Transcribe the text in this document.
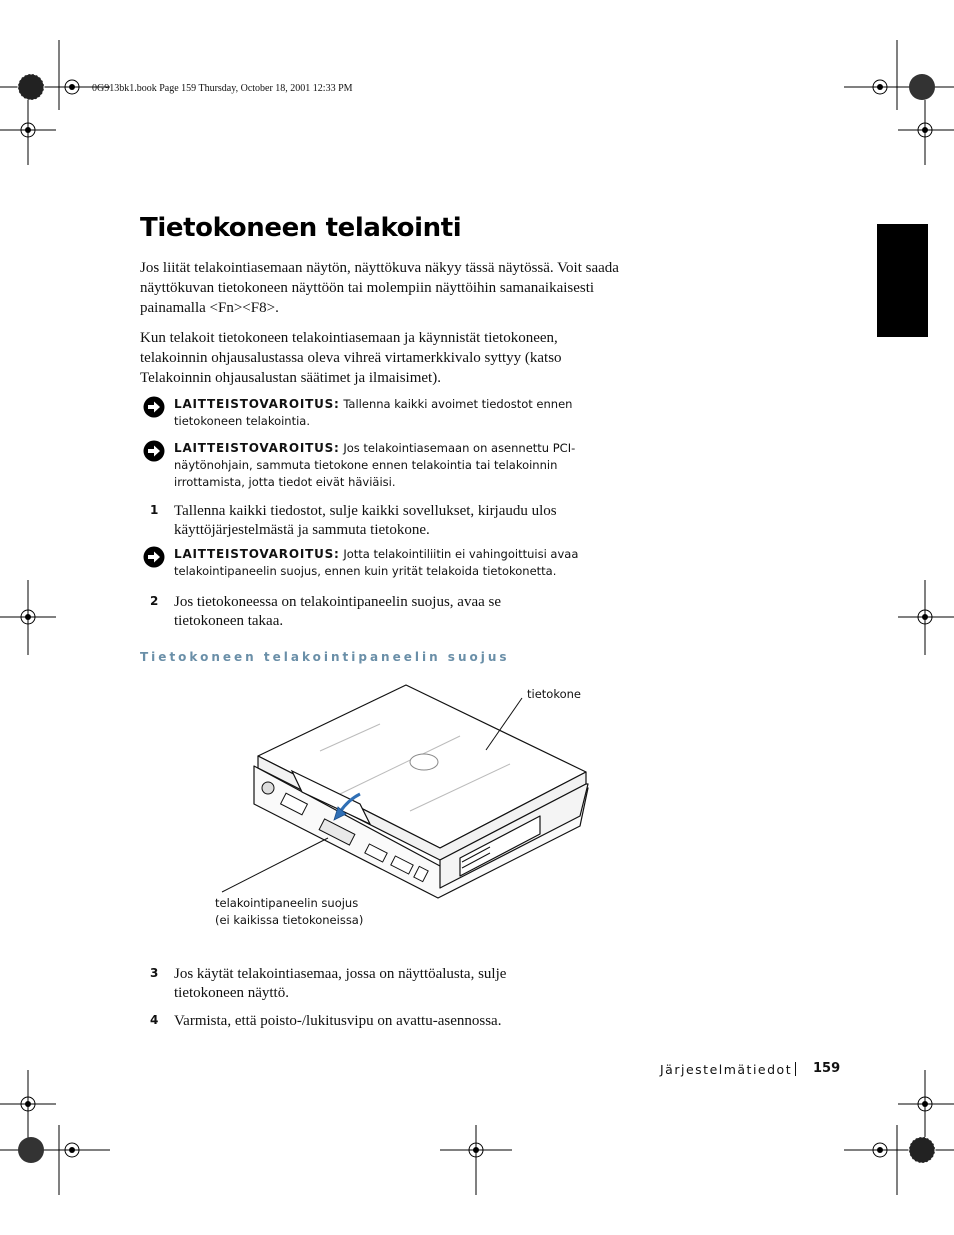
0G913bk1.book Page 159 Thursday, October 18, 2001 12:33 PM
Tietokoneen telakointi

Jos liität telakointiasemaan näytön, näyttökuva näkyy tässä näytössä. Voit saada näyttökuvan tietokoneen näyttöön tai molempiin näyttöihin samanaikaisesti painamalla <Fn><F8>.

Kun telakoit tietokoneen telakointiasemaan ja käynnistät tietokoneen, telakoinnin ohjausalustassa oleva vihreä virtamerkkivalo syttyy (katso Telakoinnin ohjausalustan säätimet ja ilmaisimet).

LAITTEISTOVAROITUS: Tallenna kaikki avoimet tiedostot ennen tietokoneen telakointia.

LAITTEISTOVAROITUS: Jos telakointiasemaan on asennettu PCI-näytönohjain, sammuta tietokone ennen telakointia tai telakoinnin irrottamista, jotta tiedot eivät häviäisi.

1 Tallenna kaikki tiedostot, sulje kaikki sovellukset, kirjaudu ulos käyttöjärjestelmästä ja sammuta tietokone.

LAITTEISTOVAROITUS: Jotta telakointiliitin ei vahingoittuisi avaa telakointipaneelin suojus, ennen kuin yrität telakoida tietokonetta.

2 Jos tietokoneessa on telakointipaneelin suojus, avaa se tietokoneen takaa.

Tietokoneen telakointipaneelin suojus
tietokone
telakointipaneelin suojus
(ei kaikissa tietokoneissa)
3 Jos käytät telakointiasemaa, jossa on näyttöalusta, sulje tietokoneen näyttö.

4 Varmista, että poisto-/lukitusvipu on avattu-asennossa.

Järjestelmätiedot 159
